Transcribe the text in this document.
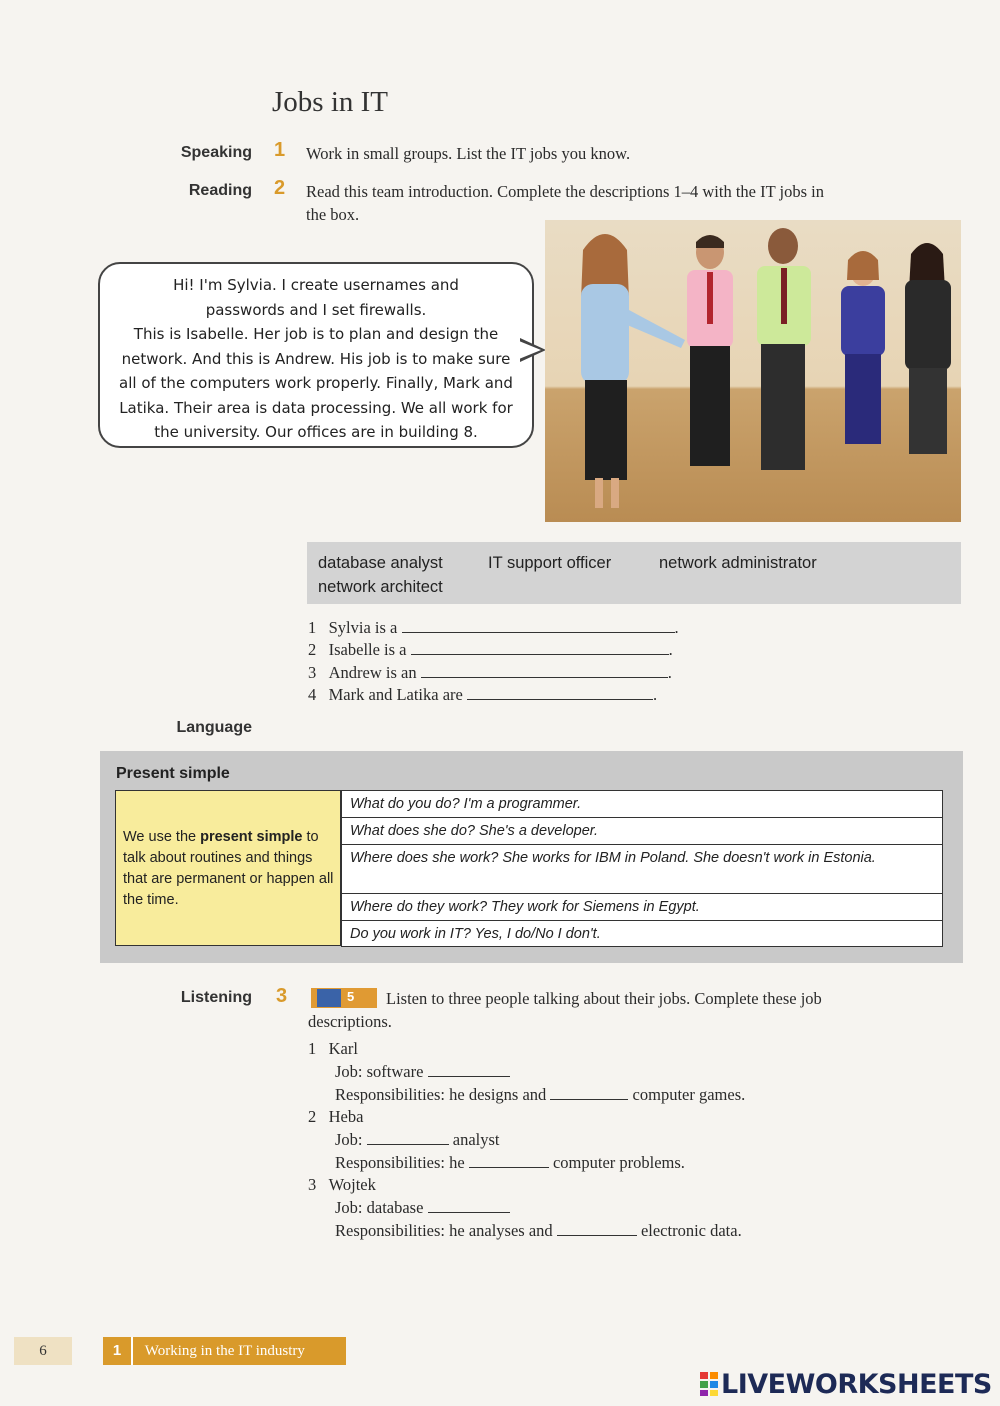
Jobs in IT
Speaking 1 Work in small groups. List the IT jobs you know.
Reading 2 Read this team introduction. Complete the descriptions 1–4 with the IT jobs in
the box.
Hi! I'm Sylvia. I create usernames and
passwords and I set firewalls.
This is Isabelle. Her job is to plan and design the
network. And this is Andrew. His job is to make sure
all of the computers work properly. Finally, Mark and
Latika. Their area is data processing. We all work for
the university. Our offices are in building 8.
database analyst	IT support officer	network administrator
network architect
1 Sylvia is a	.
2 Isabelle is a	.
3 Andrew is an	.
4 Mark and Latika are	.
Language
Present simple
We use the present simple to talk about routines and things that are permanent or happen all the time.
What do you do? I'm a programmer.
What does she do? She's a developer.
Where does she work? She works for IBM in Poland. She doesn't work in Estonia.
Where do they work? They work for Siemens in Egypt.
Do you work in IT? Yes, I do/No I don't.
Listening 3	5 Listen to three people talking about their jobs. Complete these job
descriptions.
1 Karl
Job: software
Responsibilities: he designs and	computer games.
2 Heba
Job:	analyst
Responsibilities: he	computer problems.
3 Wojtek
Job: database
Responsibilities: he analyses and	electronic data.
6	1 Working in the IT industry
LIVEWORKSHEETS
